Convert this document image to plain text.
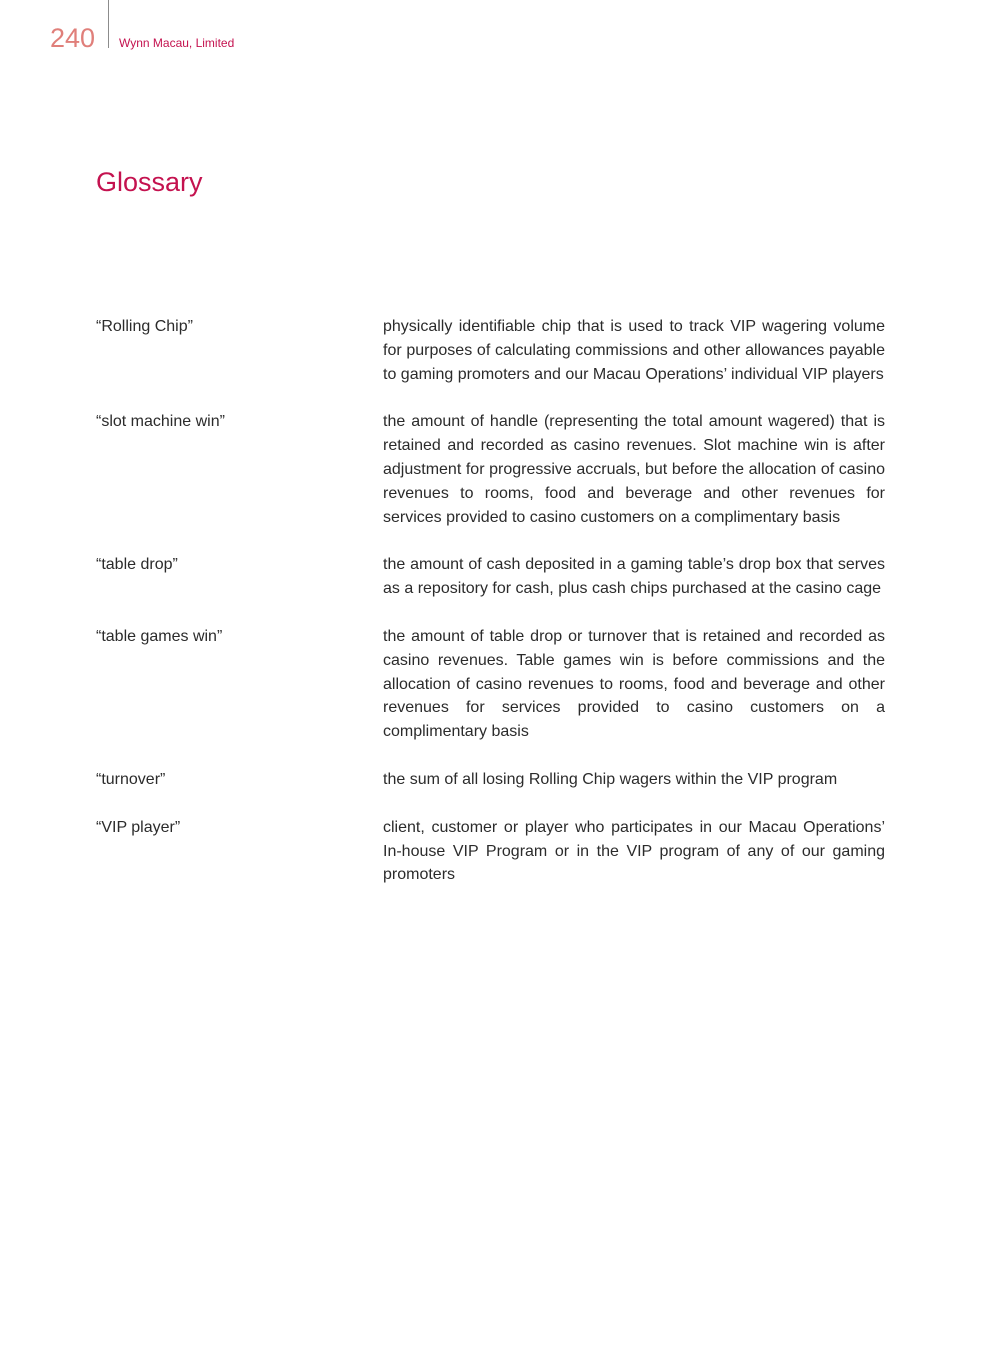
240 Wynn Macau, Limited
Glossary
“Rolling Chip”	physically identifiable chip that is used to track VIP wagering volume for purposes of calculating commissions and other allowances payable to gaming promoters and our Macau Operations’ individual VIP players
“slot machine win”	the amount of handle (representing the total amount wagered) that is retained and recorded as casino revenues. Slot machine win is after adjustment for progressive accruals, but before the allocation of casino revenues to rooms, food and beverage and other revenues for services provided to casino customers on a complimentary basis
“table drop”	the amount of cash deposited in a gaming table’s drop box that serves as a repository for cash, plus cash chips purchased at the casino cage
“table games win”	the amount of table drop or turnover that is retained and recorded as casino revenues. Table games win is before commissions and the allocation of casino revenues to rooms, food and beverage and other revenues for services provided to casino customers on a complimentary basis
“turnover”	the sum of all losing Rolling Chip wagers within the VIP program
“VIP player”	client, customer or player who participates in our Macau Operations’ In-house VIP Program or in the VIP program of any of our gaming promoters
